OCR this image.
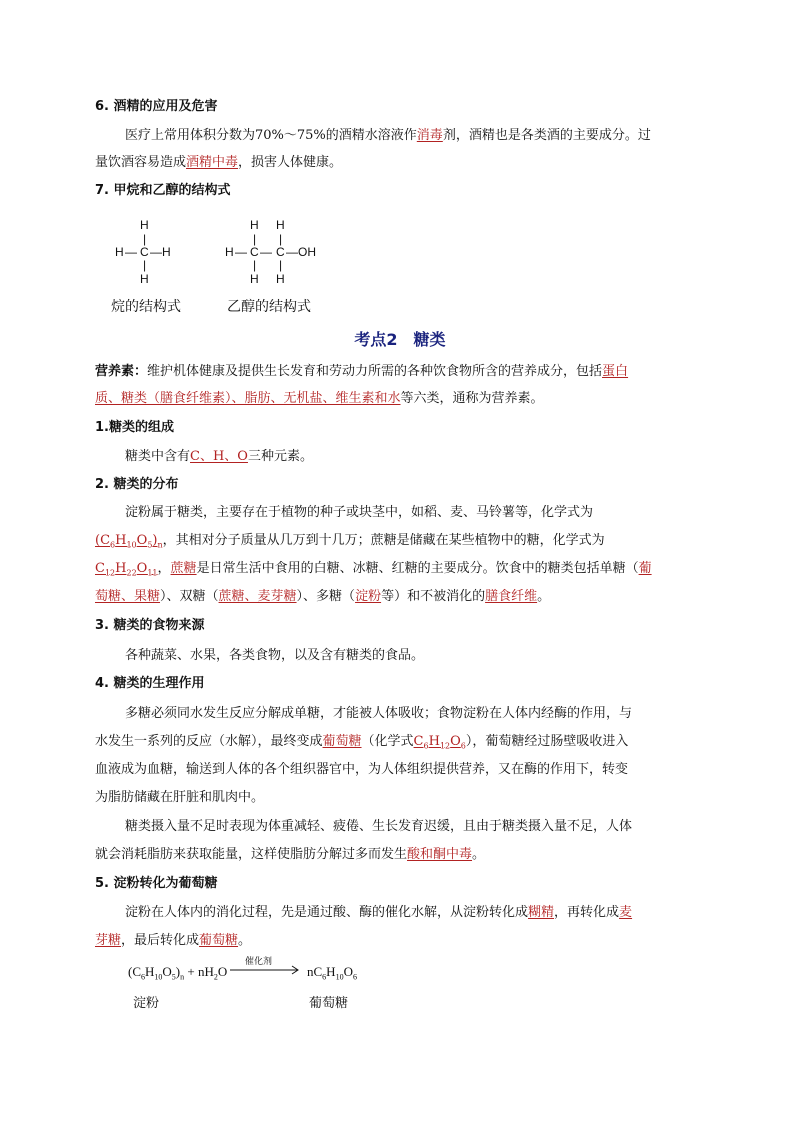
6. 酒精的应用及危害
医疗上常用体积分数为70%～75%的酒精水溶液作消毒剂，酒精也是各类酒的主要成分。过
量饮酒容易造成酒精中毒，损害人体健康。
7. 甲烷和乙醇的结构式
H
|
H — C — H
|
H
烷的结构式
H H
| |
H — C — C —OH
| |
H H
乙醇的结构式
考点2　糖类
营养素：维护机体健康及提供生长发育和劳动力所需的各种饮食物所含的营养成分，包括蛋白
质、糖类（膳食纤维素）、脂肪、无机盐、维生素和水等六类，通称为营养素。
1.糖类的组成
糖类中含有C、H、O三种元素。
2. 糖类的分布
淀粉属于糖类，主要存在于植物的种子或块茎中，如稻、麦、马铃薯等，化学式为
$(C_6H_{10}O_5)_n$，其相对分子质量从几万到十几万；蔗糖是储藏在某些植物中的糖，化学式为
$C_{12}H_{22}O_{11}$，蔗糖是日常生活中食用的白糖、冰糖、红糖的主要成分。饮食中的糖类包括单糖（葡
萄糖、果糖）、双糖（蔗糖、麦芽糖）、多糖（淀粉等）和不被消化的膳食纤维。
3. 糖类的食物来源
各种蔬菜、水果，各类食物，以及含有糖类的食品。
4. 糖类的生理作用
多糖必须同水发生反应分解成单糖，才能被人体吸收；食物淀粉在人体内经酶的作用，与
水发生一系列的反应（水解），最终变成葡萄糖（化学式$C_6H_{12}O_6$），葡萄糖经过肠壁吸收进入
血液成为血糖，输送到人体的各个组织器官中，为人体组织提供营养，又在酶的作用下，转变
为脂肪储藏在肝脏和肌肉中。
糖类摄入量不足时表现为体重减轻、疲倦、生长发育迟缓，且由于糖类摄入量不足，人体
就会消耗脂肪来获取能量，这样使脂肪分解过多而发生酸和酮中毒。
5. 淀粉转化为葡萄糖
淀粉在人体内的消化过程，先是通过酸、酶的催化水解，从淀粉转化成糊精，再转化成麦
芽糖，最后转化成葡萄糖。
$(C_6H_{10}O_5)_n + nH_2O$
催化剂
$nC_6H_{10}O_6$
淀粉	葡萄糖
